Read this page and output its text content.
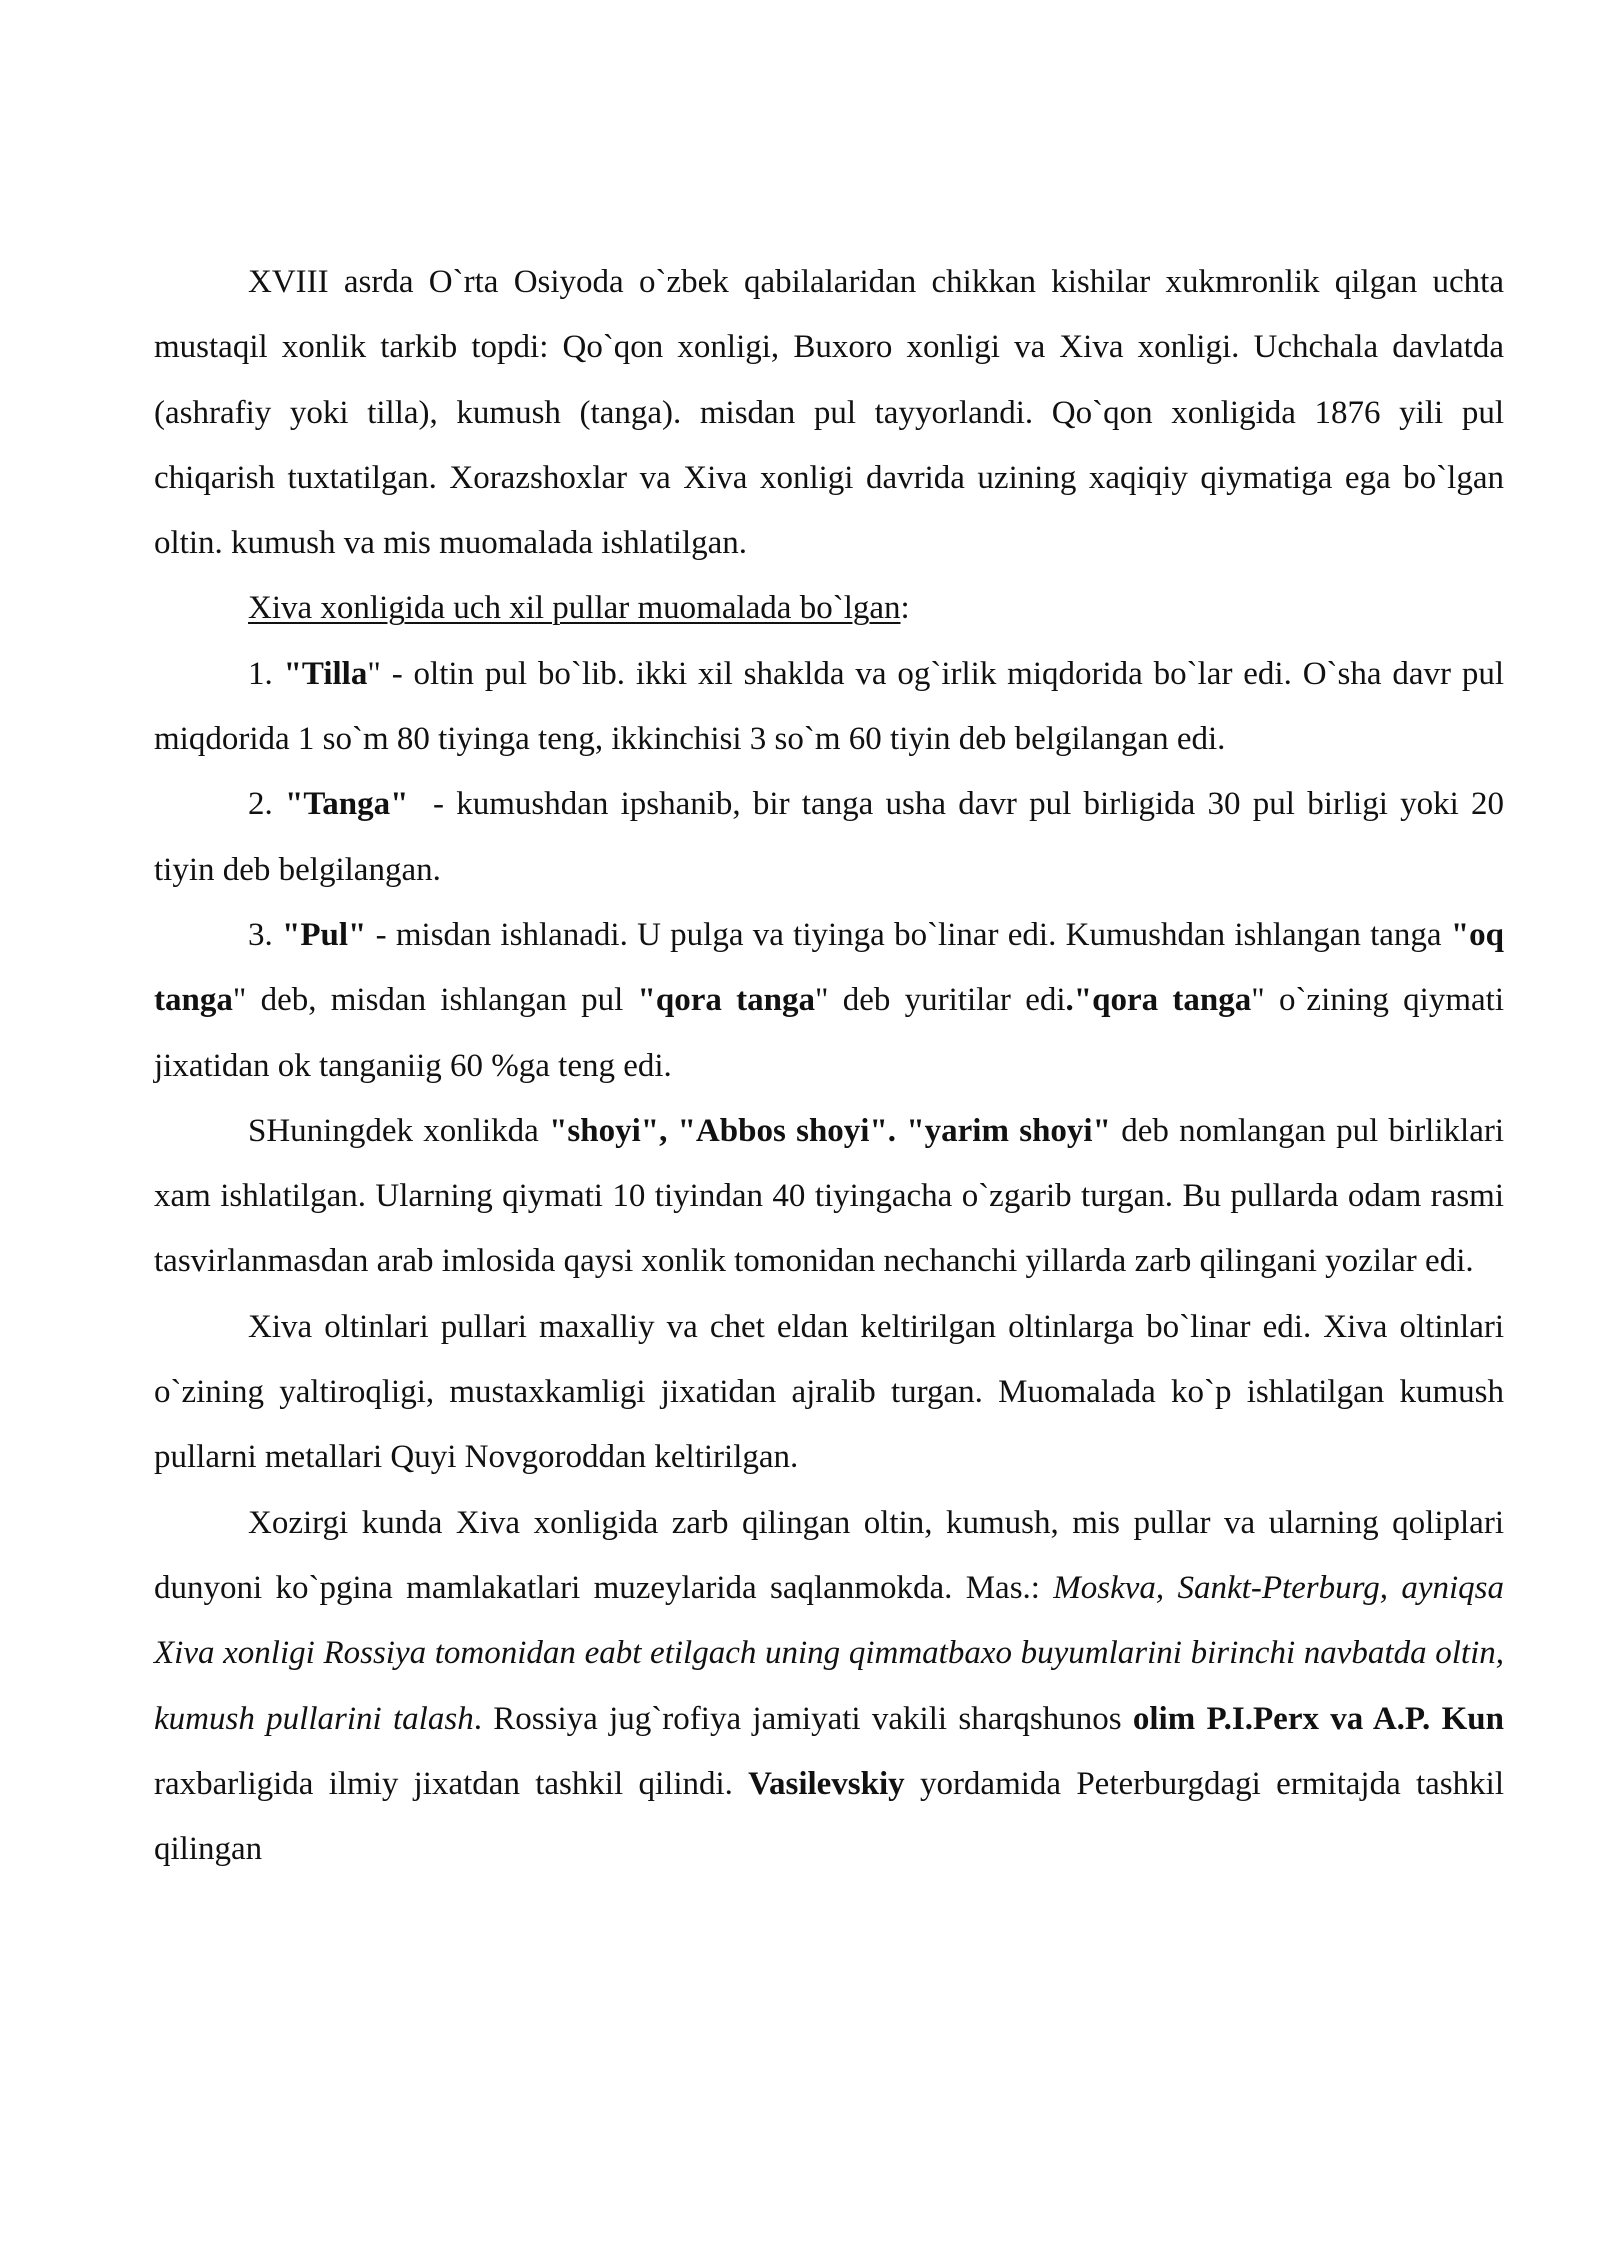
XVIII asrda O`rta Osiyoda o`zbek qabilalaridan chikkan kishilar xukmronlik qilgan uchta mustaqil xonlik tarkib topdi: Qo`qon xonligi, Buxoro xonligi va Xiva xonligi. Uchchala davlatda (ashrafiy yoki tilla), kumush (tanga). misdan pul tayyorlandi. Qo`qon xonligida 1876 yili pul chiqarish tuxtatilgan. Xorazshoxlar va Xiva xonligi davrida uzining xaqiqiy qiymatiga ega bo`lgan oltin. kumush va mis muomalada ishlatilgan.

Xiva xonligida uch xil pullar muomalada bo`lgan:

1. "Tilla" - oltin pul bo`lib. ikki xil shaklda va og`irlik miqdorida bo`lar edi. O`sha davr pul miqdorida 1 so`m 80 tiyinga teng, ikkinchisi 3 so`m 60 tiyin deb belgilangan edi.

2. "Tanga"  - kumushdan ipshanib, bir tanga usha davr pul birligida 30 pul birligi yoki 20 tiyin deb belgilangan.

3. "Pul" - misdan ishlanadi. U pulga va tiyinga bo`linar edi. Kumushdan ishlangan tanga "oq tanga" deb, misdan ishlangan pul "qora tanga" deb yuritilar edi."qora tanga" o`zining qiymati jixatidan ok tanganiig 60 %ga teng edi.

SHuningdek xonlikda "shoyi", "Abbos shoyi". "yarim shoyi" deb nomlangan pul birliklari xam ishlatilgan. Ularning qiymati 10 tiyindan 40 tiyingacha o`zgarib turgan. Bu pullarda odam rasmi tasvirlanmasdan arab imlosida qaysi xonlik tomonidan nechanchi yillarda zarb qilingani yozilar edi.

Xiva oltinlari pullari maxalliy va chet eldan keltirilgan oltinlarga bo`linar edi. Xiva oltinlari o`zining yaltiroqligi, mustaxkamligi jixatidan ajralib turgan. Muomalada ko`p ishlatilgan kumush pullarni metallari Quyi Novgoroddan keltirilgan.

Xozirgi kunda Xiva xonligida zarb qilingan oltin, kumush, mis pullar va ularning qoliplari dunyoni ko`pgina mamlakatlari muzeylarida saqlanmokda. Mas.: Moskva, Sankt-Pterburg, ayniqsa Xiva xonligi Rossiya tomonidan eabt etilgach uning qimmatbaxo buyumlarini birinchi navbatda oltin, kumush pullarini talash. Rossiya jug`rofiya jamiyati vakili sharqshunos olim P.I.Perx va A.P. Kun raxbarligida ilmiy jixatdan tashkil qilindi. Vasilevskiy yordamida Peterburgdagi ermitajda tashkil qilingan
